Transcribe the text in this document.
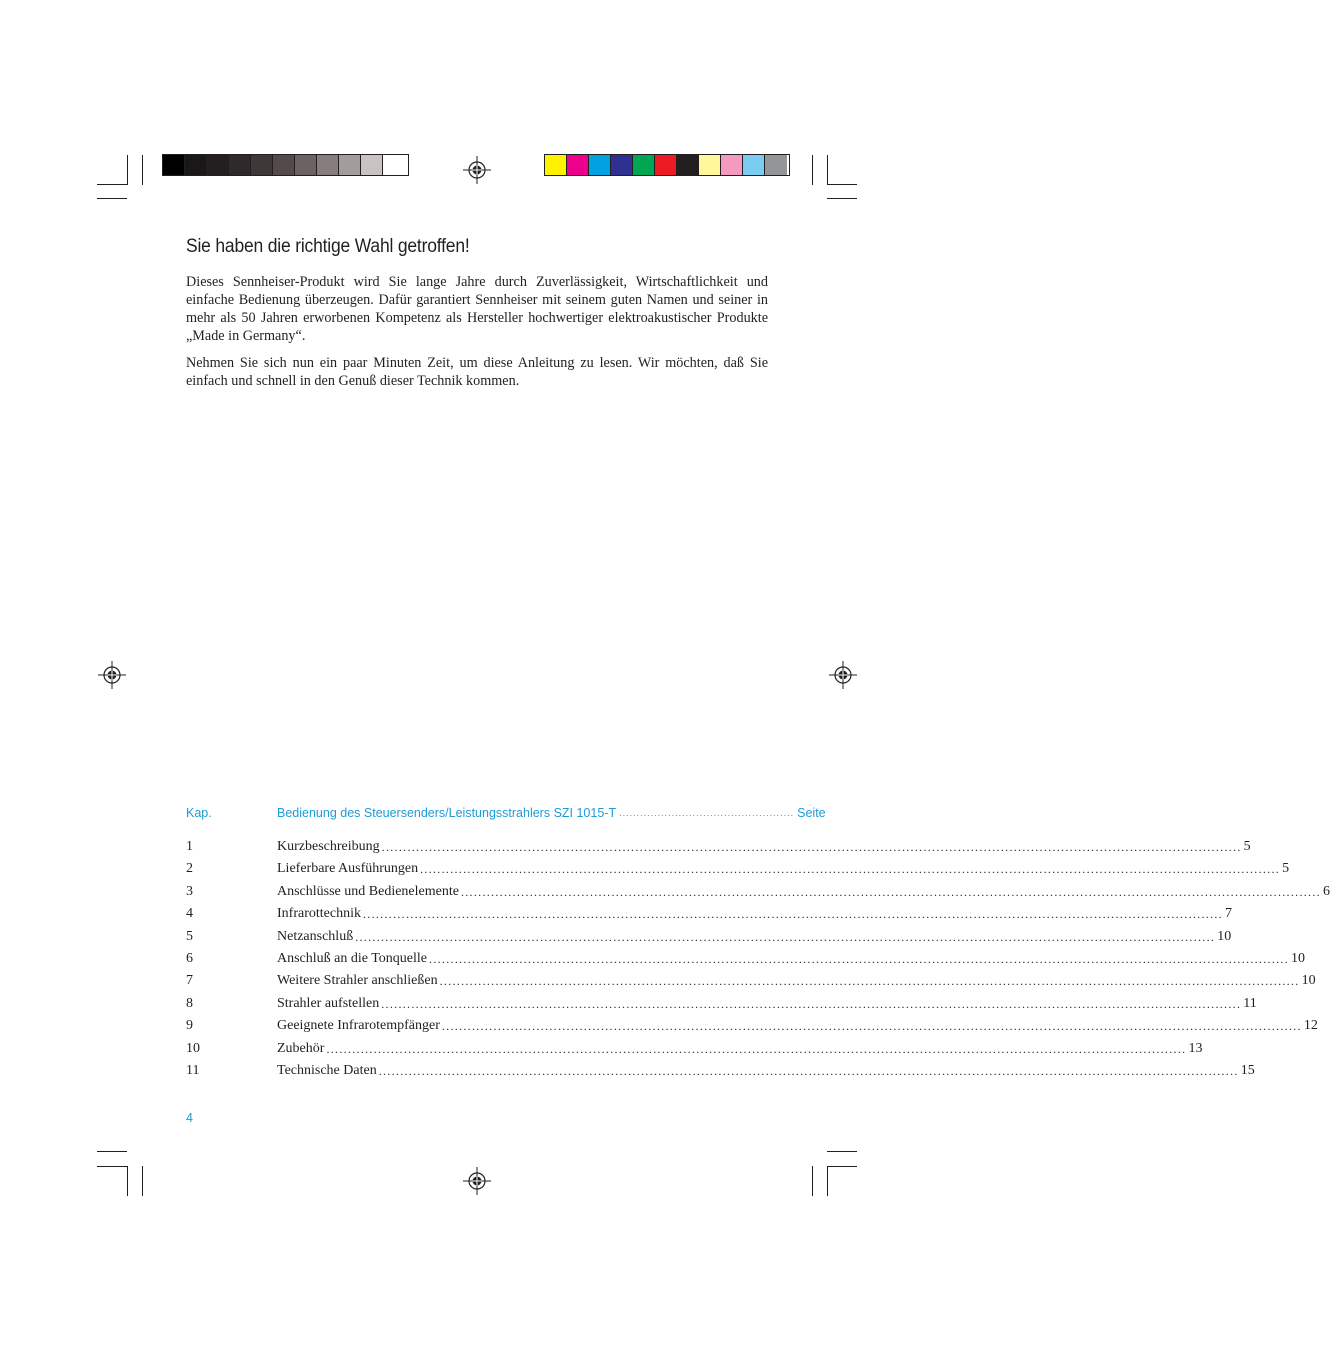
Sie haben die richtige Wahl getroffen!

Dieses Sennheiser-Produkt wird Sie lange Jahre durch Zuverlässigkeit, Wirtschaftlichkeit und einfache Bedienung überzeugen. Dafür garantiert Sennheiser mit seinem guten Namen und seiner in mehr als 50 Jahren erworbenen Kompetenz als Hersteller hochwertiger elektroakustischer Produkte „Made in Germany“.

Nehmen Sie sich nun ein paar Minuten Zeit, um diese Anleitung zu lesen. Wir möchten, daß Sie einfach und schnell in den Genuß dieser Technik kommen.

Kap.	Bedienung des Steuersenders/Leistungsstrahlers SZI 1015-T .................................................. Seite
1	Kurzbeschreibung ........................................................................................................................................................................................................ 5
2	Lieferbare Ausführungen ........................................................................................................................................................................................................ 5
3	Anschlüsse und Bedienelemente ........................................................................................................................................................................................................ 6
4	Infrarottechnik ........................................................................................................................................................................................................ 7
5	Netzanschluß ........................................................................................................................................................................................................ 10
6	Anschluß an die Tonquelle ........................................................................................................................................................................................................ 10
7	Weitere Strahler anschließen ........................................................................................................................................................................................................ 10
8	Strahler aufstellen ........................................................................................................................................................................................................ 11
9	Geeignete Infrarotempfänger ........................................................................................................................................................................................................ 12
10	Zubehör ........................................................................................................................................................................................................ 13
11	Technische Daten ........................................................................................................................................................................................................ 15
4
